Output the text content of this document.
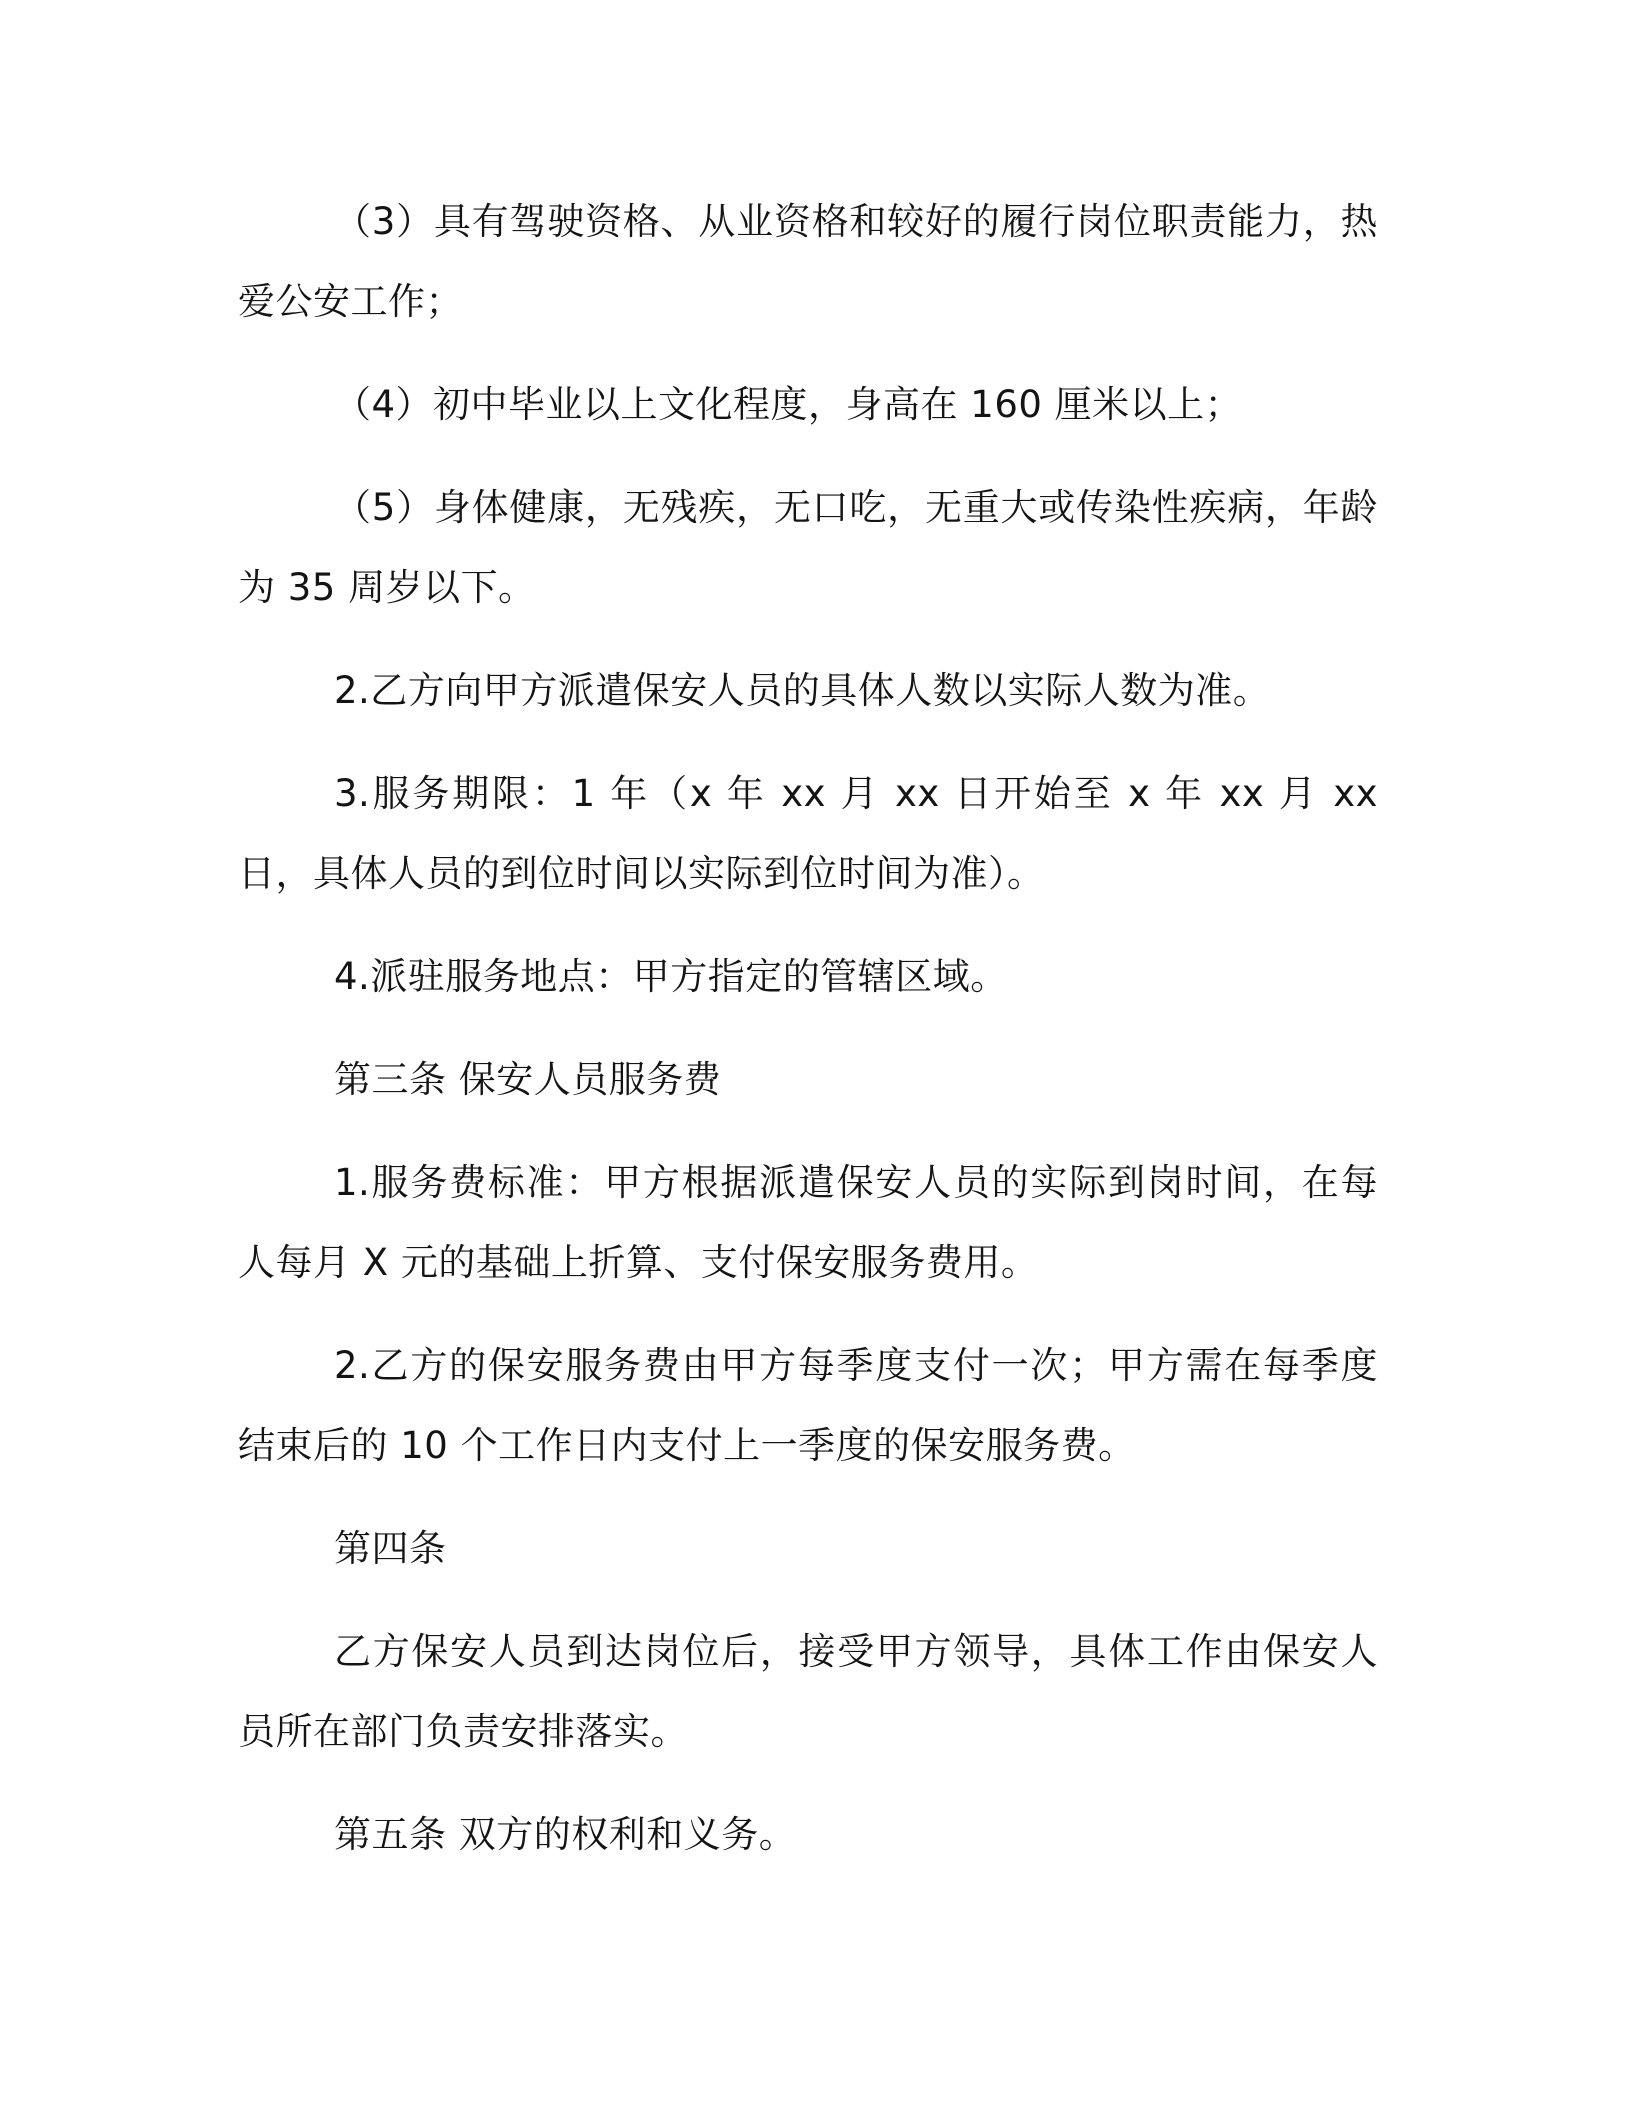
（3）具有驾驶资格、从业资格和较好的履行岗位职责能力，热爱公安工作；

（4）初中毕业以上文化程度，身高在 160 厘米以上；

（5）身体健康，无残疾，无口吃，无重大或传染性疾病，年龄为 35 周岁以下。

2.乙方向甲方派遣保安人员的具体人数以实际人数为准。

3.服务期限：1 年（x 年 xx 月 xx 日开始至 x 年 xx 月 xx 日，具体人员的到位时间以实际到位时间为准）。

4.派驻服务地点：甲方指定的管辖区域。

第三条 保安人员服务费

1.服务费标准：甲方根据派遣保安人员的实际到岗时间，在每人每月 X 元的基础上折算、支付保安服务费用。

2.乙方的保安服务费由甲方每季度支付一次；甲方需在每季度结束后的 10 个工作日内支付上一季度的保安服务费。

第四条

乙方保安人员到达岗位后，接受甲方领导，具体工作由保安人员所在部门负责安排落实。

第五条 双方的权利和义务。
